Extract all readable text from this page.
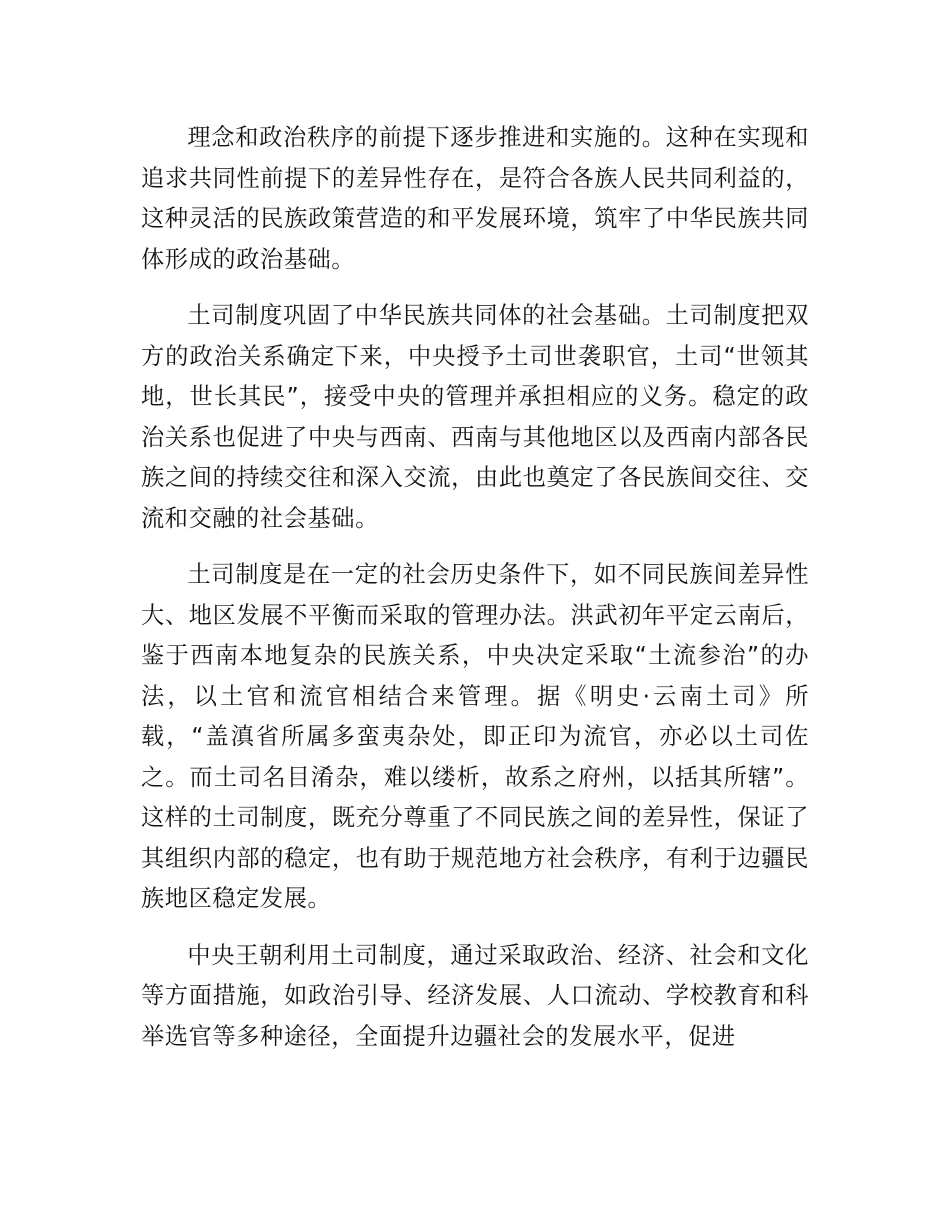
理念和政治秩序的前提下逐步推进和实施的。这种在实现和追求共同性前提下的差异性存在，是符合各族人民共同利益的，这种灵活的民族政策营造的和平发展环境，筑牢了中华民族共同体形成的政治基础。

土司制度巩固了中华民族共同体的社会基础。土司制度把双方的政治关系确定下来，中央授予土司世袭职官，土司“世领其地，世长其民”，接受中央的管理并承担相应的义务。稳定的政治关系也促进了中央与西南、西南与其他地区以及西南内部各民族之间的持续交往和深入交流，由此也奠定了各民族间交往、交流和交融的社会基础。

土司制度是在一定的社会历史条件下，如不同民族间差异性大、地区发展不平衡而采取的管理办法。洪武初年平定云南后，鉴于西南本地复杂的民族关系，中央决定采取“土流参治”的办法，以土官和流官相结合来管理。据《明史·云南土司》所载，“盖滇省所属多蛮夷杂处，即正印为流官，亦必以土司佐之。而土司名目淆杂，难以缕析，故系之府州，以括其所辖”。这样的土司制度，既充分尊重了不同民族之间的差异性，保证了其组织内部的稳定，也有助于规范地方社会秩序，有利于边疆民族地区稳定发展。

中央王朝利用土司制度，通过采取政治、经济、社会和文化等方面措施，如政治引导、经济发展、人口流动、学校教育和科举选官等多种途径，全面提升边疆社会的发展水平，促进
